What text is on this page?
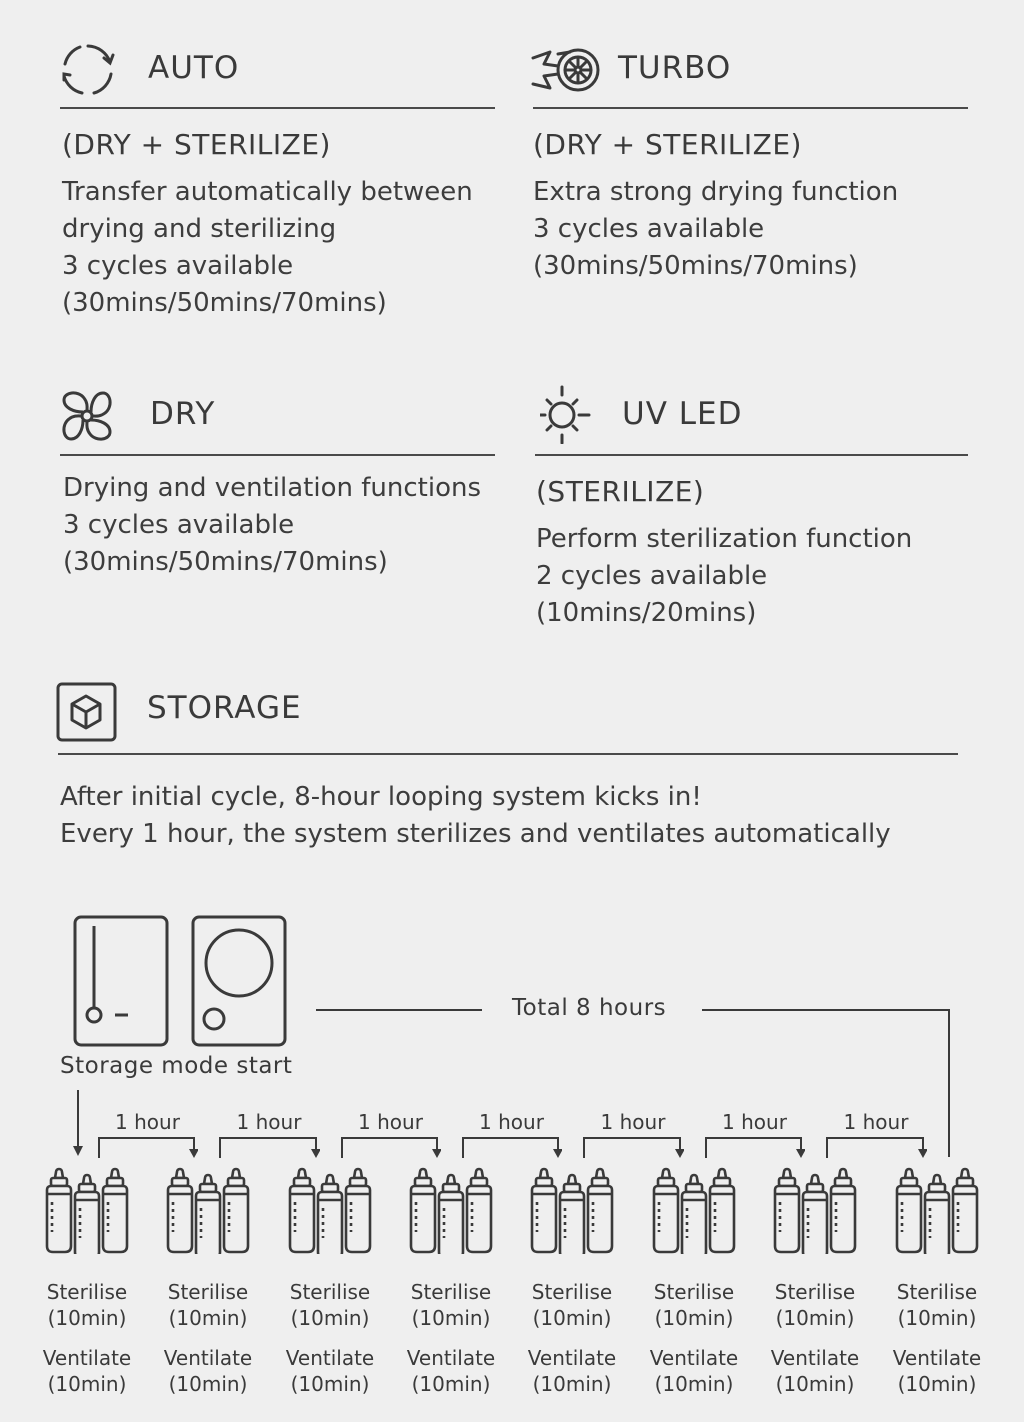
AUTO
(DRY + STERILIZE)
Transfer automatically between
drying and sterilizing
3 cycles available
(30mins/50mins/70mins)
TURBO
(DRY + STERILIZE)
Extra strong drying function
3 cycles available
(30mins/50mins/70mins)
DRY
Drying and ventilation functions
3 cycles available
(30mins/50mins/70mins)
UV LED
(STERILIZE)
Perform sterilization function
2 cycles available
(10mins/20mins)
STORAGE
After initial cycle, 8-hour looping system kicks in!
Every 1 hour, the system sterilizes and ventilates automatically
Storage mode start
Total 8 hours
1 hour	1 hour	1 hour	1 hour	1 hour	1 hour	1 hour
Sterilise
(10min)
Ventilate
(10min)
Sterilise
(10min)
Ventilate
(10min)
Sterilise
(10min)
Ventilate
(10min)
Sterilise
(10min)
Ventilate
(10min)
Sterilise
(10min)
Ventilate
(10min)
Sterilise
(10min)
Ventilate
(10min)
Sterilise
(10min)
Ventilate
(10min)
Sterilise
(10min)
Ventilate
(10min)
